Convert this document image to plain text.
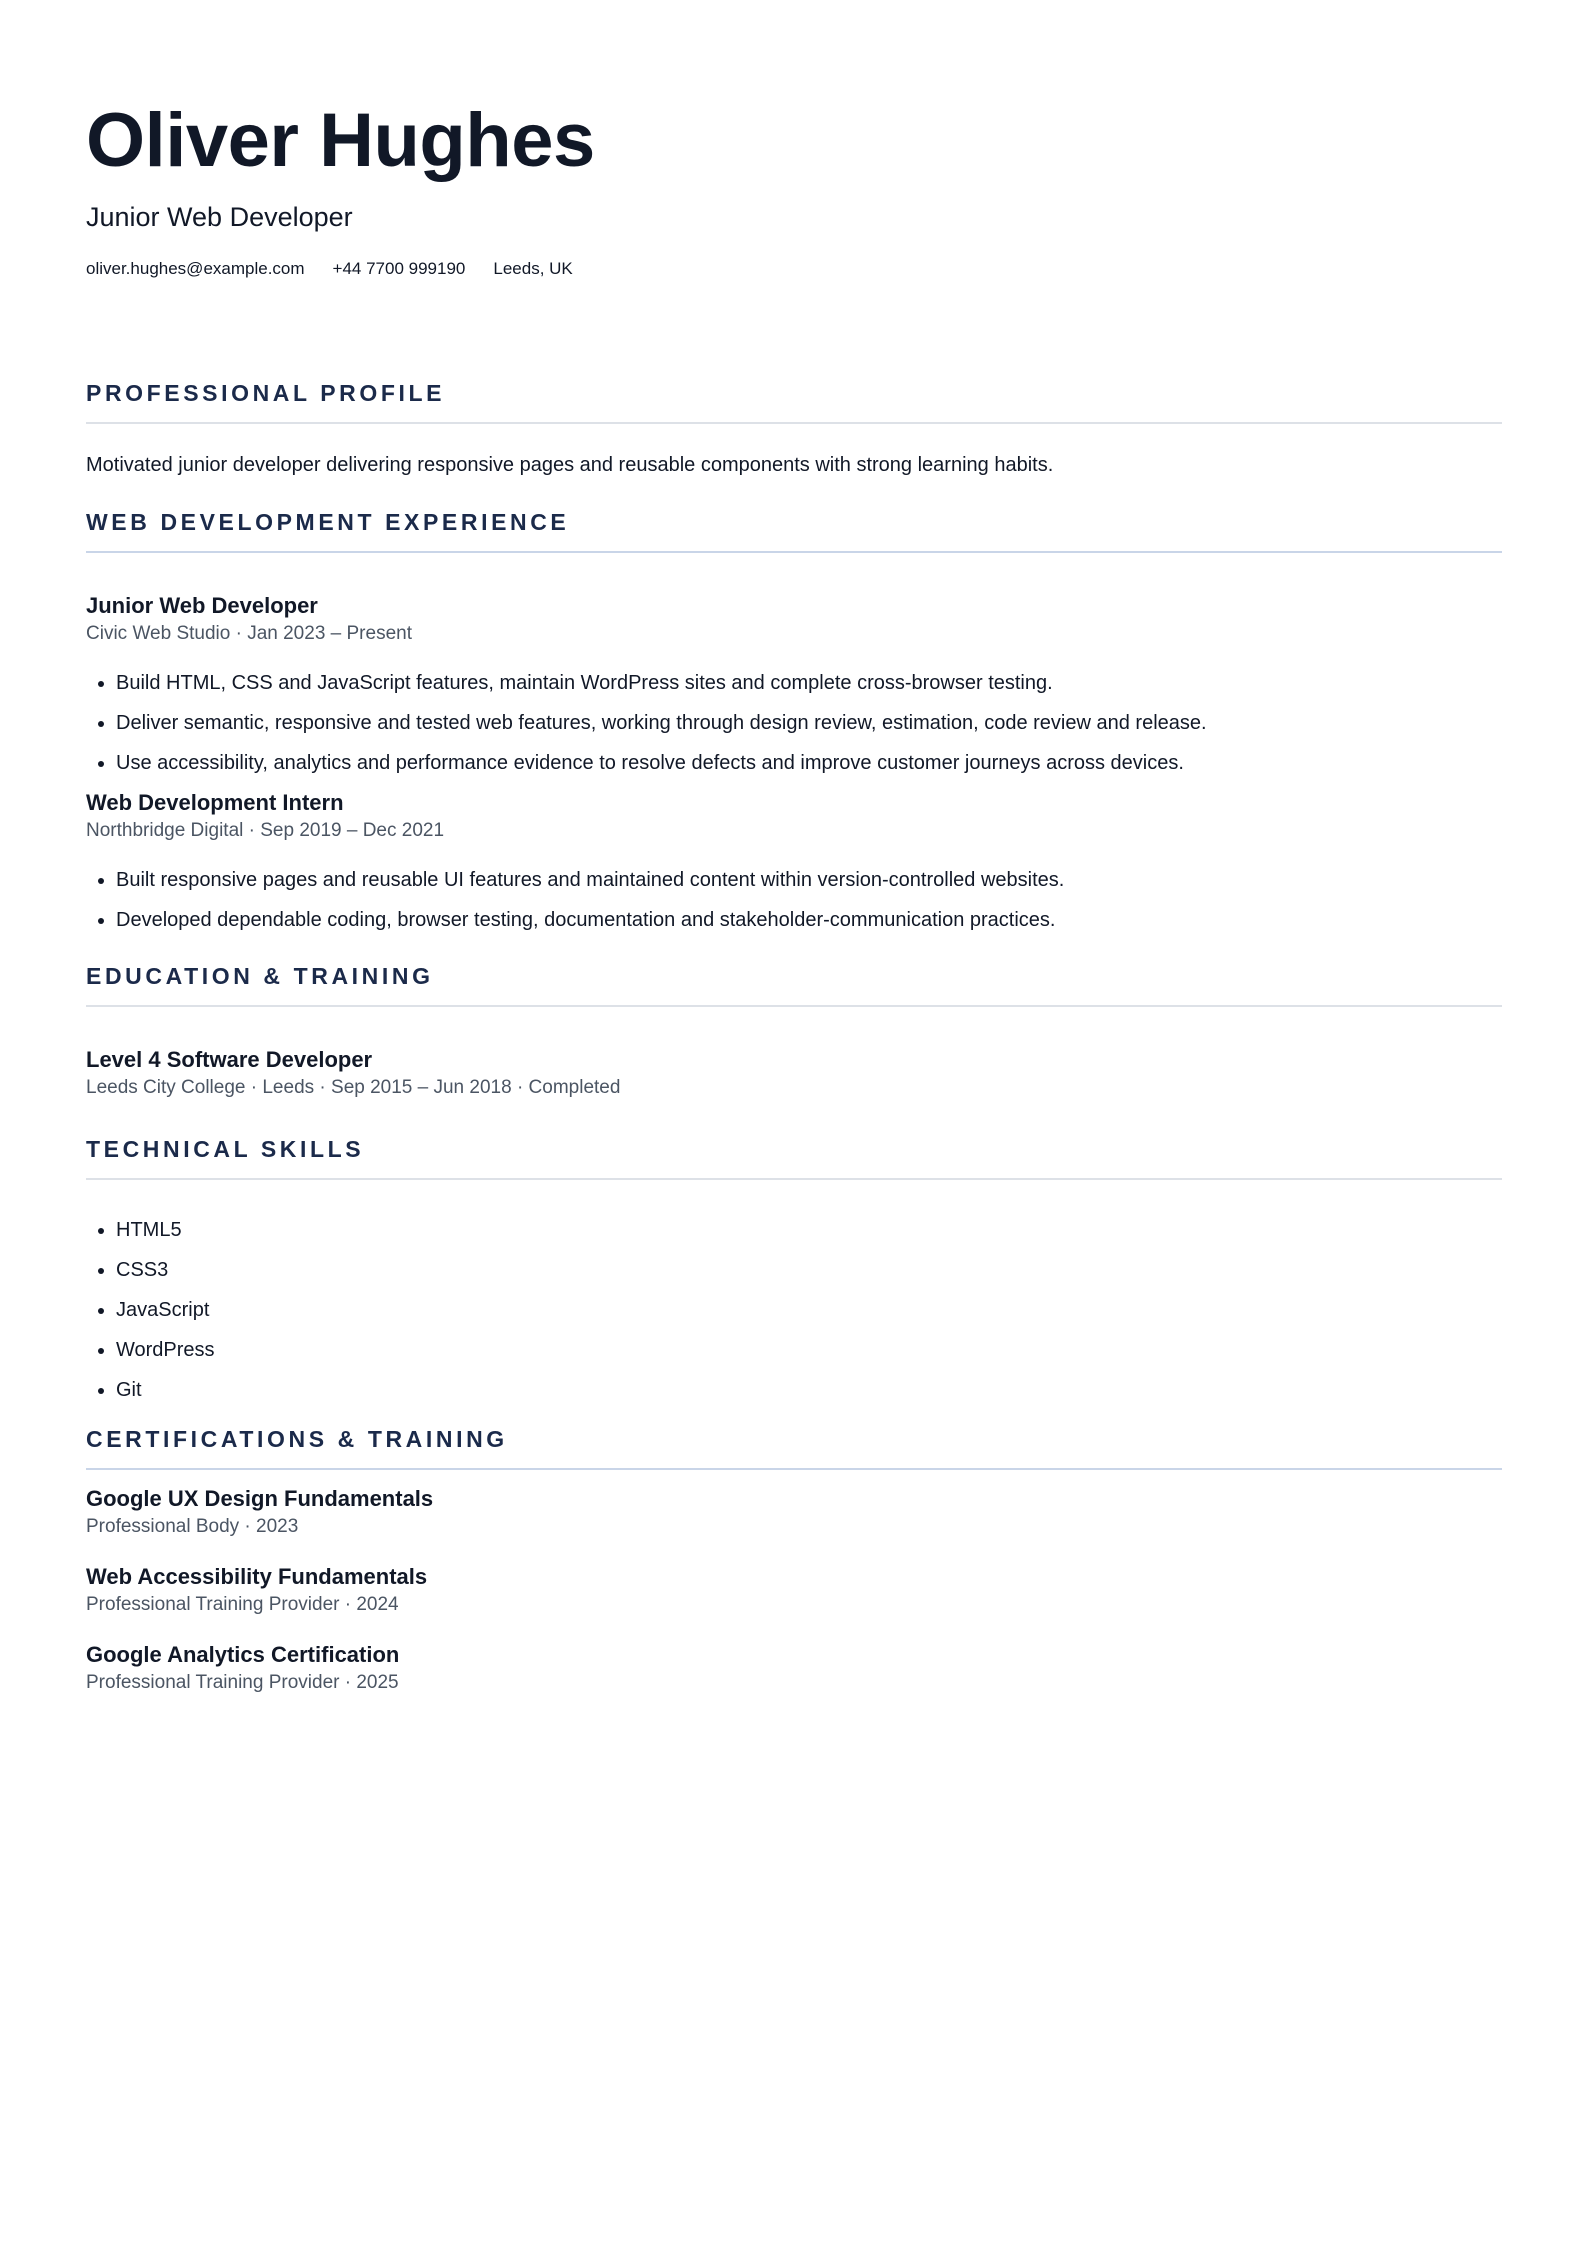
Oliver Hughes
Junior Web Developer
oliver.hughes@example.com +44 7700 999190 Leeds, UK
PROFESSIONAL PROFILE

Motivated junior developer delivering responsive pages and reusable components with strong learning habits.

WEB DEVELOPMENT EXPERIENCE
Junior Web Developer
Civic Web Studio · Jan 2023 – Present
• Build HTML, CSS and JavaScript features, maintain WordPress sites and complete cross-browser testing.
• Deliver semantic, responsive and tested web features, working through design review, estimation, code review and release.
• Use accessibility, analytics and performance evidence to resolve defects and improve customer journeys across devices.
Web Development Intern
Northbridge Digital · Sep 2019 – Dec 2021
• Built responsive pages and reusable UI features and maintained content within version-controlled websites.
• Developed dependable coding, browser testing, documentation and stakeholder-communication practices.
EDUCATION & TRAINING
Level 4 Software Developer
Leeds City College · Leeds · Sep 2015 – Jun 2018 · Completed
TECHNICAL SKILLS
• HTML5
• CSS3
• JavaScript
• WordPress
• Git
CERTIFICATIONS & TRAINING
Google UX Design Fundamentals
Professional Body · 2023
Web Accessibility Fundamentals
Professional Training Provider · 2024
Google Analytics Certification
Professional Training Provider · 2025
